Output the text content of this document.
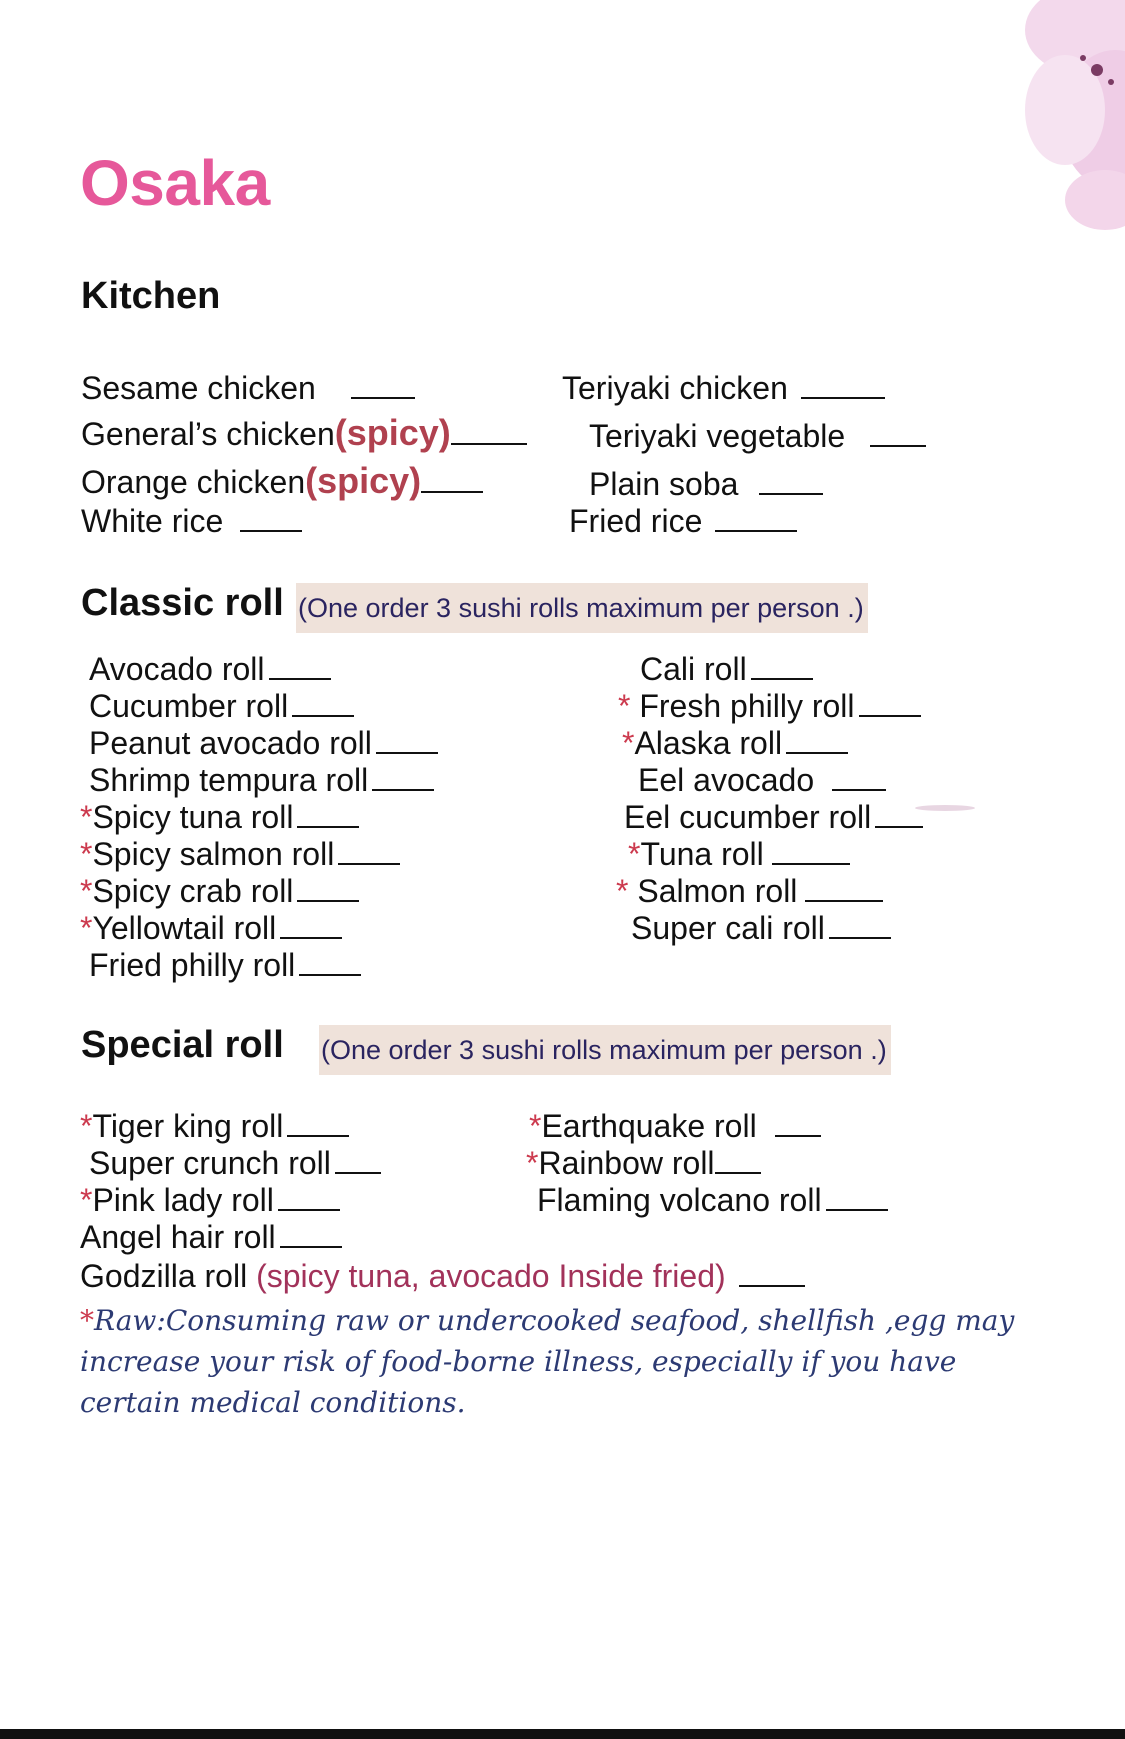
Osaka
Kitchen
Sesame chicken
General’s chicken(spicy)
Orange chicken(spicy)
White rice
Teriyaki chicken
Teriyaki vegetable
Plain soba
Fried rice
Classic roll (One order 3 sushi rolls maximum per person .)
Avocado roll
Cucumber roll
Peanut avocado roll
Shrimp tempura roll
*Spicy tuna roll
*Spicy salmon roll
*Spicy crab roll
*Yellowtail roll
Fried philly roll
Cali roll
* Fresh philly roll
*Alaska roll
Eel avocado
Eel cucumber roll
*Tuna roll
* Salmon roll
Super cali roll
Special roll (One order 3 sushi rolls maximum per person .)
*Tiger king roll
Super crunch roll
*Pink lady roll
Angel hair roll
*Earthquake roll
*Rainbow roll
Flaming volcano roll
Godzilla roll (spicy tuna, avocado Inside fried)
*Raw:Consuming raw or undercooked seafood, shellfish ,egg may increase your risk of food-borne illness, especially if you have certain medical conditions.
